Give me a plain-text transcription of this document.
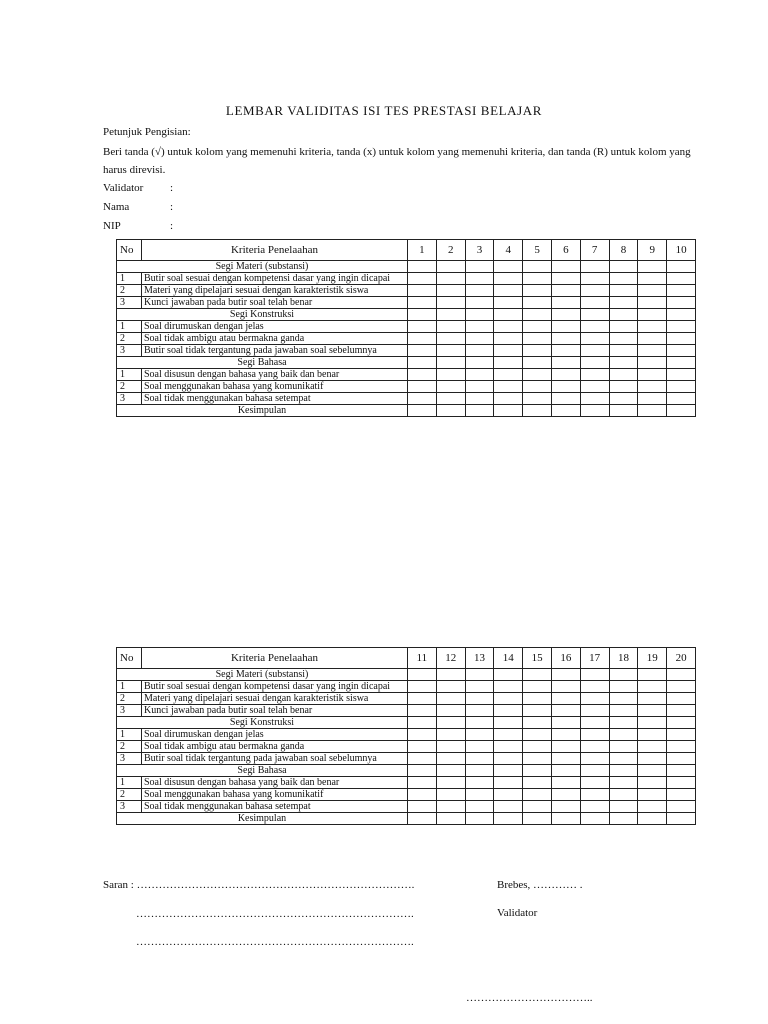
LEMBAR VALIDITAS ISI TES PRESTASI BELAJAR
Petunjuk Pengisian:
Beri tanda (√) untuk kolom yang memenuhi kriteria, tanda (x) untuk kolom yang memenuhi kriteria, dan tanda (R) untuk kolom yang
harus direvisi.
Validator :
Nama	:
NIP	:
No	Kriteria Penelaahan	1	2	3	4	5	6	7	8	9	10
Segi Materi (substansi)											
1	Butir soal sesuai dengan kompetensi dasar yang ingin dicapai										
2	Materi yang dipelajari sesuai dengan karakteristik siswa										
3	Kunci jawaban pada butir soal telah benar										
Segi Konstruksi											
1	Soal dirumuskan dengan jelas										
2	Soal tidak ambigu atau bermakna ganda										
3	Butir soal tidak tergantung pada jawaban soal sebelumnya										
Segi Bahasa											
1	Soal disusun dengan bahasa yang baik dan benar										
2	Soal menggunakan bahasa yang komunikatif										
3	Soal tidak menggunakan bahasa setempat										
Kesimpulan											
No	Kriteria Penelaahan	11	12	13	14	15	16	17	18	19	20
Segi Materi (substansi)											
1	Butir soal sesuai dengan kompetensi dasar yang ingin dicapai										
2	Materi yang dipelajari sesuai dengan karakteristik siswa										
3	Kunci jawaban pada butir soal telah benar										
Segi Konstruksi											
1	Soal dirumuskan dengan jelas										
2	Soal tidak ambigu atau bermakna ganda										
3	Butir soal tidak tergantung pada jawaban soal sebelumnya										
Segi Bahasa											
1	Soal disusun dengan bahasa yang baik dan benar										
2	Soal menggunakan bahasa yang komunikatif										
3	Soal tidak menggunakan bahasa setempat										
Kesimpulan											
Saran : ………………………………………………………………….
………………………………………………………………….
………………………………………………………………….
Brebes, ………… .
Validator
……………………………..
